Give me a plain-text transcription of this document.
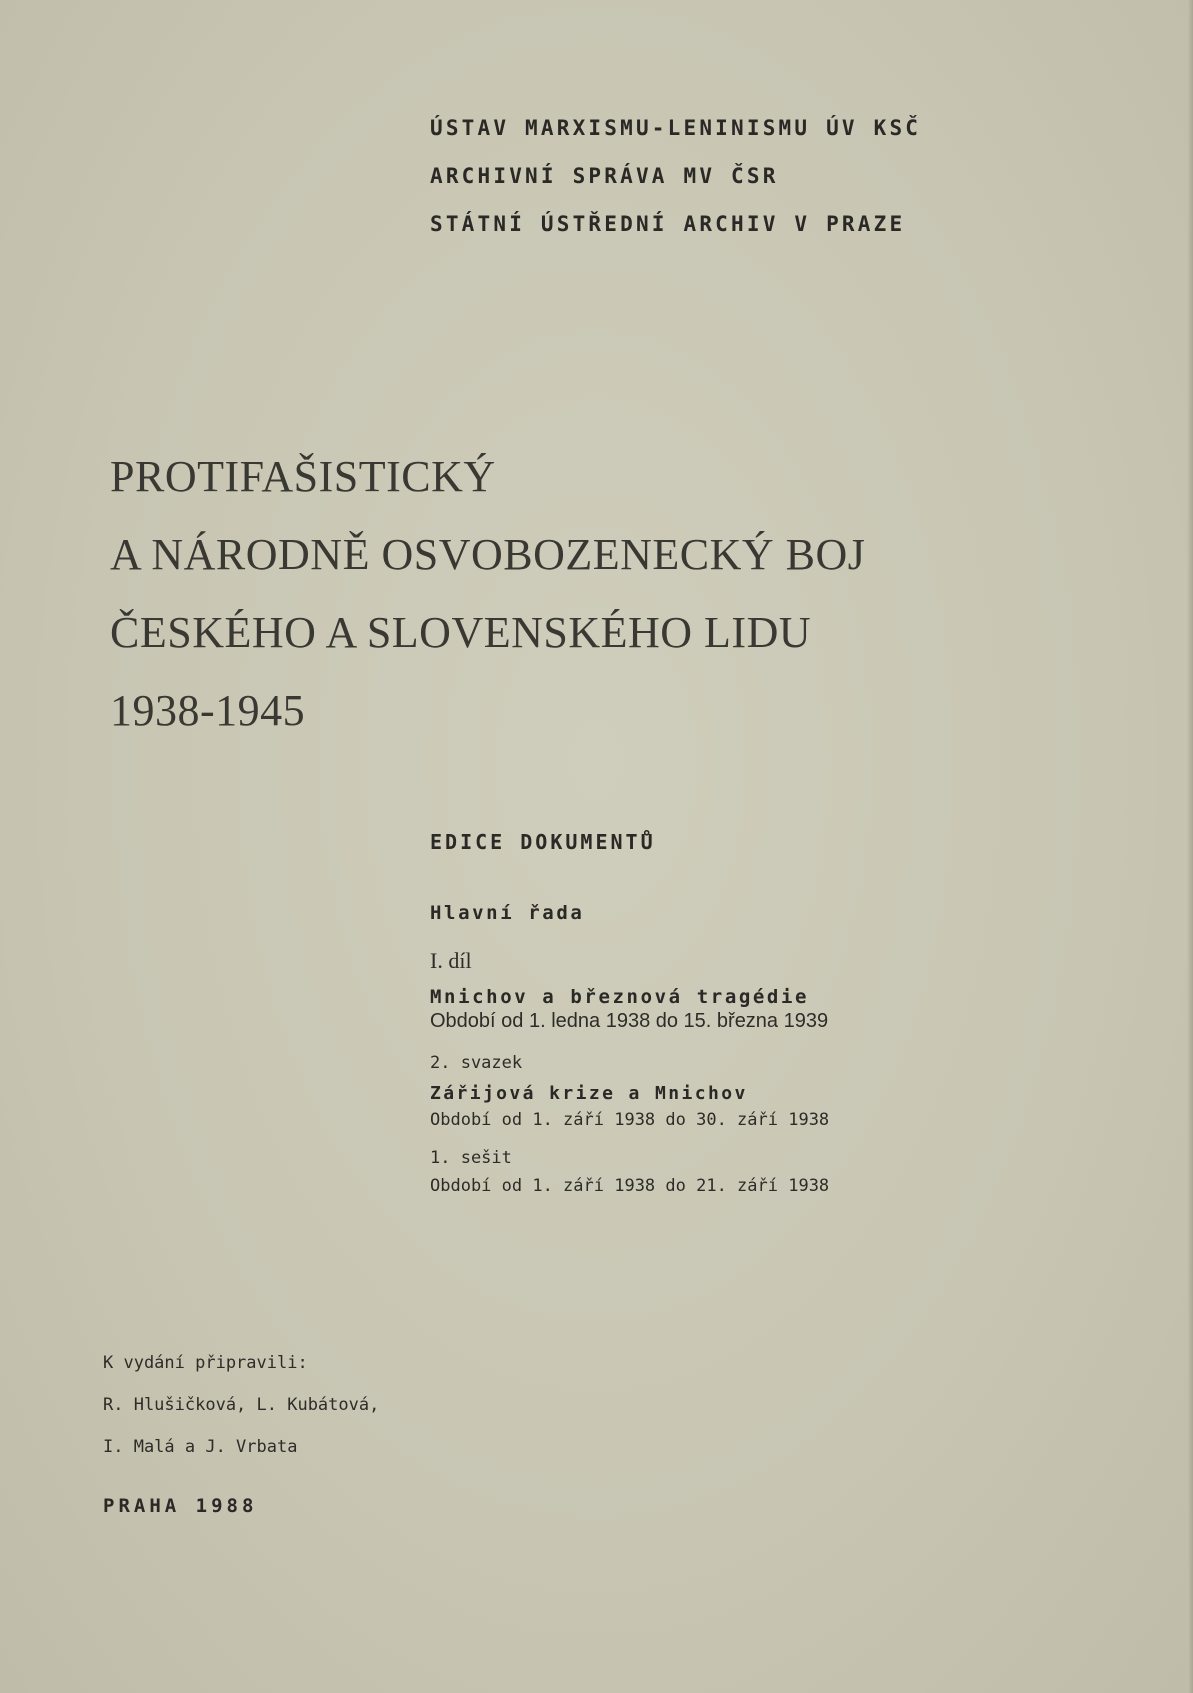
ÚSTAV MARXISMU-LENINISMU ÚV KSČ
ARCHIVNÍ SPRÁVA MV ČSR
STÁTNÍ ÚSTŘEDNÍ ARCHIV V PRAZE
PROTIFAŠISTICKÝ
A NÁRODNĚ OSVOBOZENECKÝ BOJ
ČESKÉHO A SLOVENSKÉHO LIDU
1938-1945
EDICE DOKUMENTŮ
Hlavní řada
I. díl
Mnichov a březnová tragédie
Období od 1. ledna 1938 do 15. března 1939
2. svazek
Zářijová krize a Mnichov
Období od 1. září 1938 do 30. září 1938
1. sešit
Období od 1. září 1938 do 21. září 1938
K vydání připravili:
R. Hlušičková, L. Kubátová,
I. Malá a J. Vrbata
PRAHA 1988
